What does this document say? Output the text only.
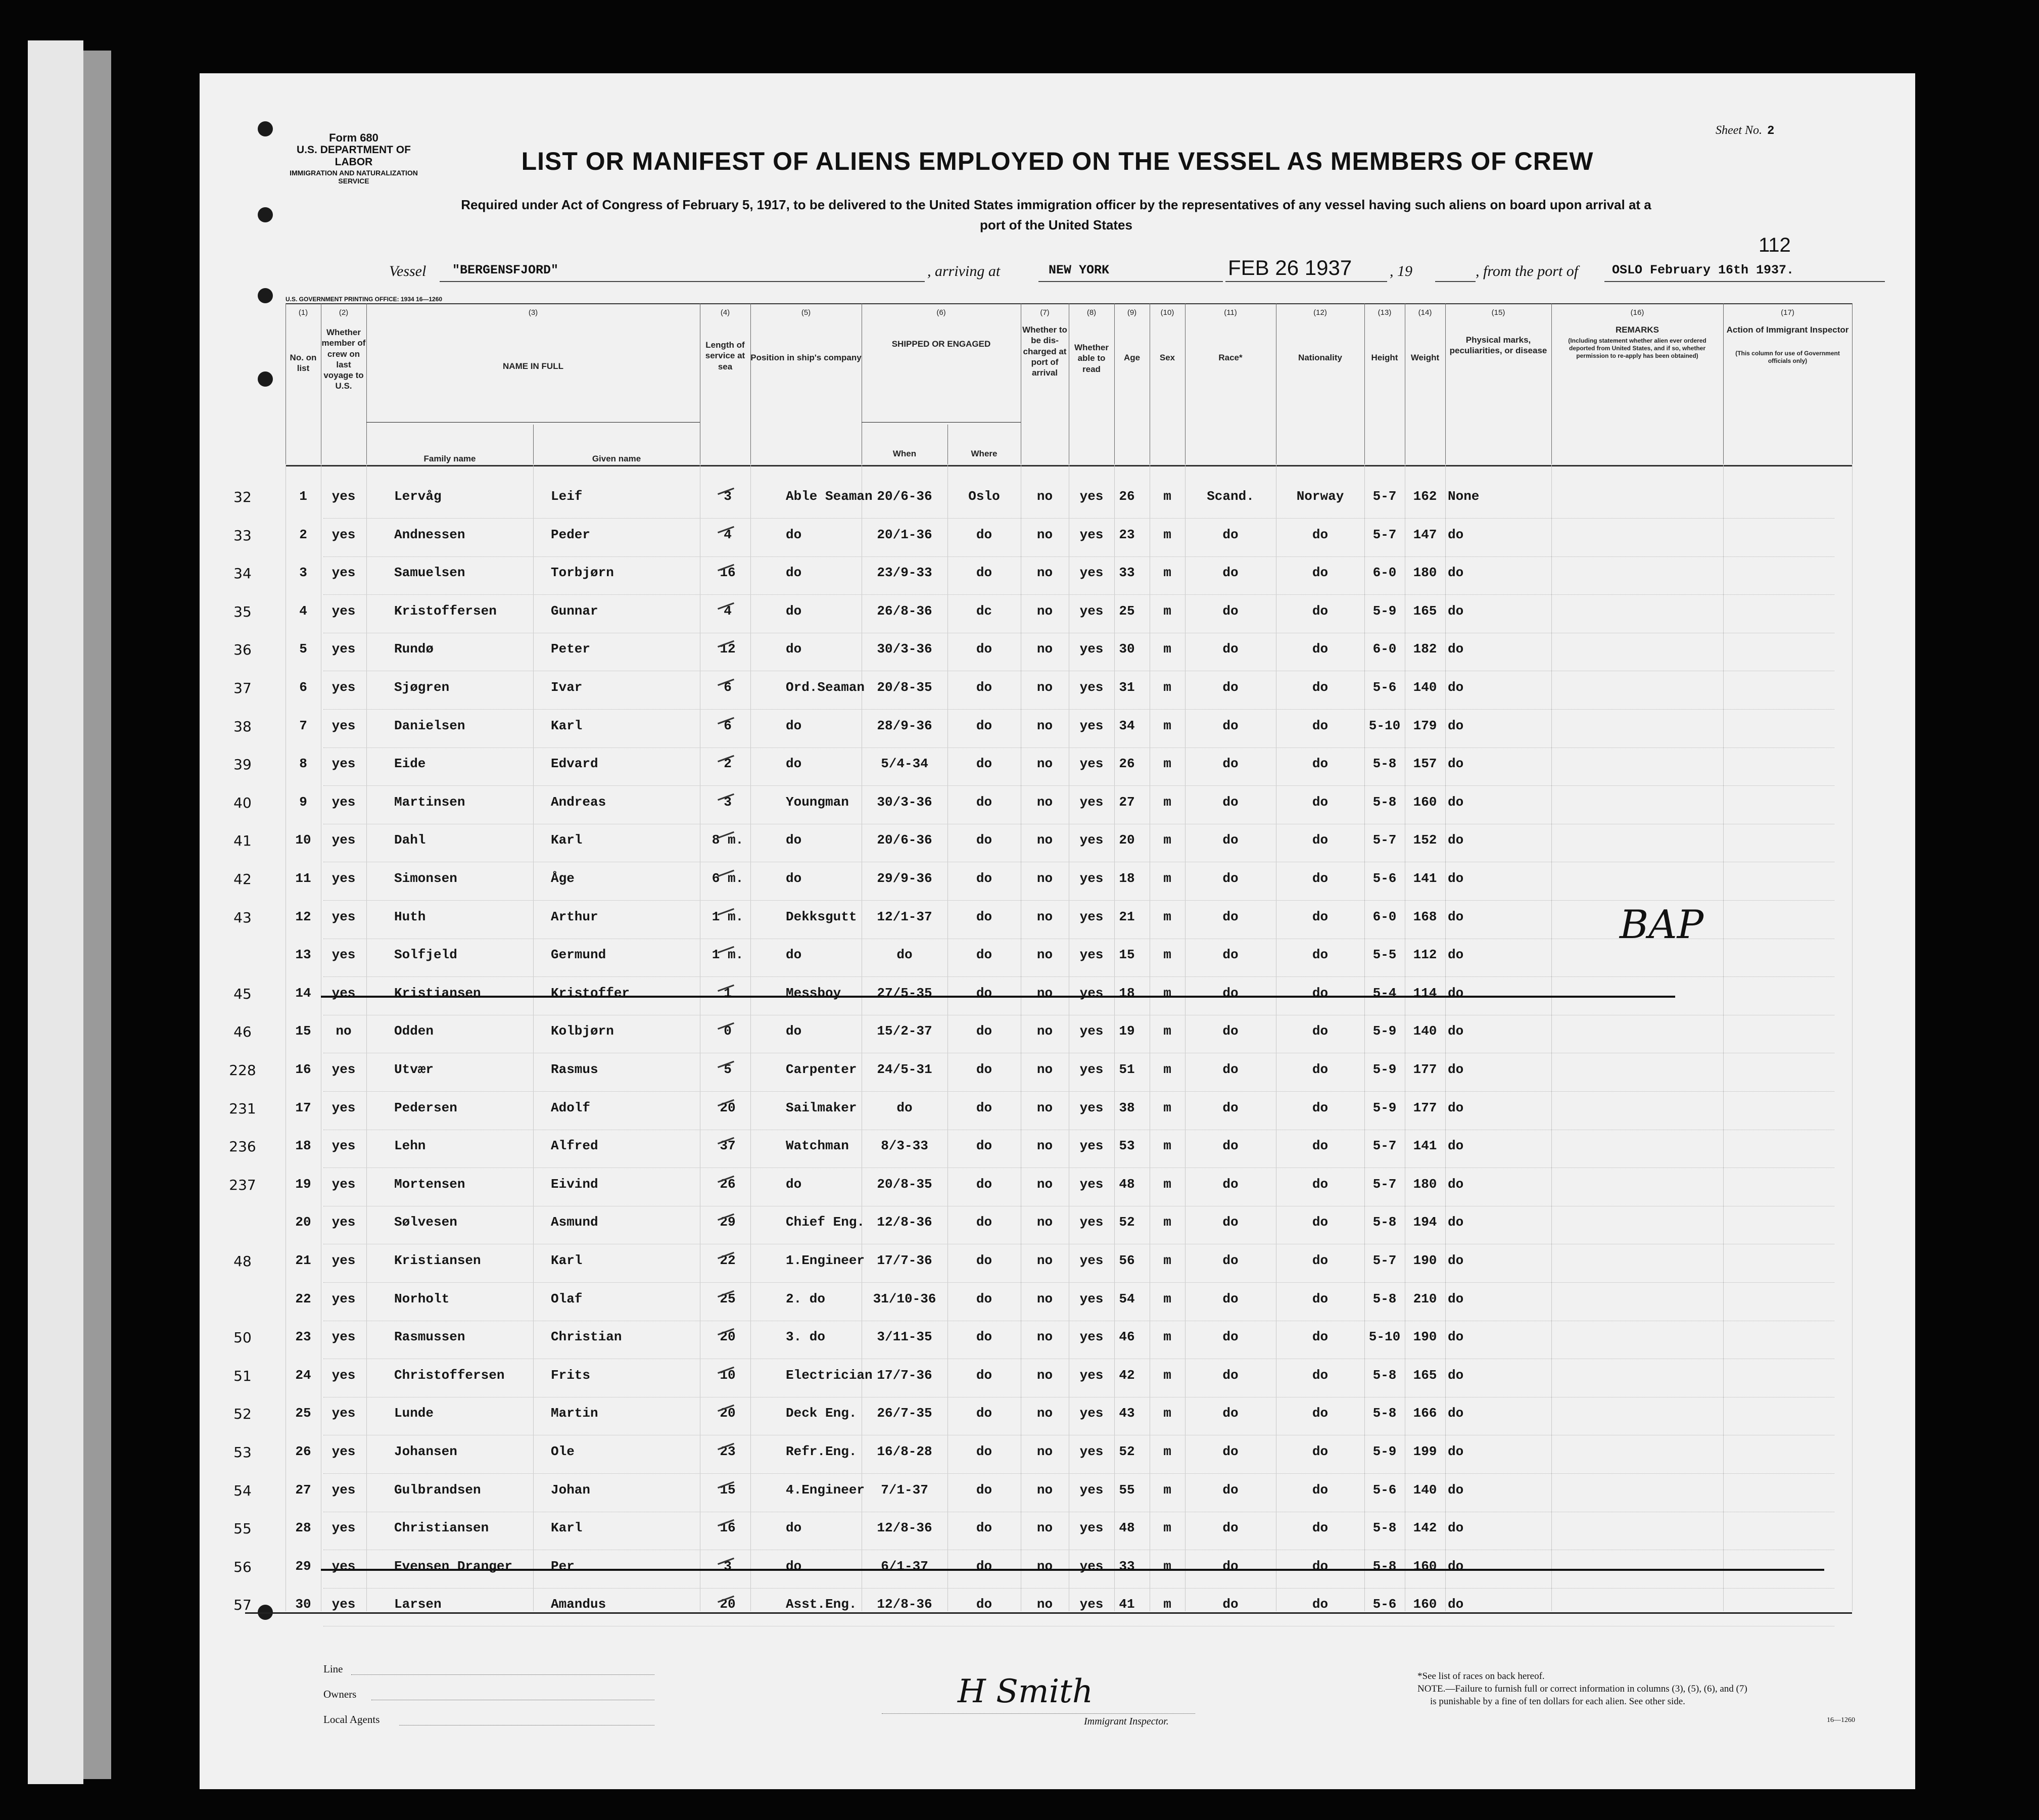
Form 680
U.S. DEPARTMENT OF LABOR
IMMIGRATION AND NATURALIZATION SERVICE
Sheet No. 2
112
LIST OR MANIFEST OF ALIENS EMPLOYED ON THE VESSEL AS MEMBERS OF CREW
Required under Act of Congress of February 5, 1917, to be delivered to the United States immigration officer by the representatives of any vessel having such aliens on board upon arrival at a
port of the United States
Vessel "BERGENSFJORD"	, arriving at	NEW YORK	FEB 26 1937 , 19	, from the port of	OSLO February 16th 1937.
U.S. GOVERNMENT PRINTING OFFICE: 1934 16—1260
(1)
No. on list
(2)
Whether member of crew on last voyage to U.S.
(3)
NAME IN FULL
Family name	Given name
(4)
Length of service at sea
(5)
Position in ship's company
(6)
SHIPPED OR ENGAGED
When	Where
(7)
Whether to be dis-charged at port of arrival
(8)
Whether able to read
(9)
Age
(10)
Sex
(11)
Race*
(12)
Nationality
(13)
Height
(14)
Weight
(15)
Physical marks, peculiarities, or disease
(16)
REMARKS
(Including statement whether alien ever ordered deported from United States, and if so, whether permission to re-apply has been obtained)
(17)
Action of Immigrant Inspector
(This column for use of Government officials only)
32	1	yes	Lervåg	Leif	3	Able Seaman 20/6-36	Oslo	no	yes	26	m	Scand.	Norway	5-7	162 None
33	2	yes	Andnessen	Peder	4	do	20/1-36	do	no	yes	23	m	do	do	5-7	147 do
34	3	yes	Samuelsen	Torbjørn	16	do	23/9-33	do	no	yes	33	m	do	do	6-0	180 do
35	4	yes	Kristoffersen	Gunnar	4	do	26/8-36	dc	no	yes	25	m	do	do	5-9	165 do
36	5	yes	Rundø	Peter	12	do	30/3-36	do	no	yes	30	m	do	do	6-0	182 do
37	6	yes	Sjøgren	Ivar	6	Ord.Seaman 20/8-35	do	no	yes	31	m	do	do	5-6	140 do
38	7	yes	Danielsen	Karl	6	do	28/9-36	do	no	yes	34	m	do	do	5-10 179 do
39	8	yes	Eide	Edvard	2	do	5/4-34	do	no	yes	26	m	do	do	5-8	157 do
40	9	yes	Martinsen	Andreas	3	Youngman	30/3-36	do	no	yes	27	m	do	do	5-8	160 do
41	10	yes	Dahl	Karl	8 m.	do	20/6-36	do	no	yes	20	m	do	do	5-7	152 do
42	11	yes	Simonsen	Åge	6 m.	do	29/9-36	do	no	yes	18	m	do	do	5-6	141 do
43	12	yes	Huth	Arthur	1 m.	Dekksgutt	12/1-37	do	no	yes	21	m	do	do	6-0	168 do
13	yes	Solfjeld	Germund	1 m.	do	do	do	no	yes	15	m	do	do	5-5	112 do
45	14	yes	Kristiansen	Kristoffer	1	Messboy	27/5-35	do	no	yes	18	m	do	do	5-4	114 do
46	15	no	Odden	Kolbjørn	0	do	15/2-37	do	no	yes	19	m	do	do	5-9	140 do
228	16	yes	Utvær	Rasmus	5	Carpenter	24/5-31	do	no	yes	51	m	do	do	5-9	177 do
231	17	yes	Pedersen	Adolf	20	Sailmaker	do	do	no	yes	38	m	do	do	5-9	177 do
236	18	yes	Lehn	Alfred	37	Watchman	8/3-33	do	no	yes	53	m	do	do	5-7	141 do
237	19	yes	Mortensen	Eivind	26	do	20/8-35	do	no	yes	48	m	do	do	5-7	180 do
20	yes	Sølvesen	Asmund	29	Chief Eng. 12/8-36	do	no	yes	52	m	do	do	5-8	194 do
48	21	yes	Kristiansen	Karl	22	1.Engineer 17/7-36	do	no	yes	56	m	do	do	5-7	190 do
22	yes	Norholt	Olaf	25	2. do	31/10-36	do	no	yes	54	m	do	do	5-8	210 do
50	23	yes	Rasmussen	Christian	20	3. do	3/11-35	do	no	yes	46	m	do	do	5-10 190 do
51	24	yes	Christoffersen	Frits	10	Electrician 17/7-36	do	no	yes	42	m	do	do	5-8	165 do
52	25	yes	Lunde	Martin	20	Deck Eng.	26/7-35	do	no	yes	43	m	do	do	5-8	166 do
53	26	yes	Johansen	Ole	23	Refr.Eng.	16/8-28	do	no	yes	52	m	do	do	5-9	199 do
54	27	yes	Gulbrandsen	Johan	15	4.Engineer	7/1-37	do	no	yes	55	m	do	do	5-6	140 do
55	28	yes	Christiansen	Karl	16	do	12/8-36	do	no	yes	48	m	do	do	5-8	142 do
56	29	yes	Evensen Dranger	Per	3	do	6/1-37	do	no	yes	33	m	do	do	5-8	160 do
57	30	yes	Larsen	Amandus	20	Asst.Eng.	12/8-36	do	no	yes	41	m	do	do	5-6	160 do
BAP
Line
Owners
Local Agents
H Smith
Immigrant Inspector.
*See list of races on back hereof.
NOTE.—Failure to furnish full or correct information in columns (3), (5), (6), and (7)
is punishable by a fine of ten dollars for each alien. See other side.
16—1260
